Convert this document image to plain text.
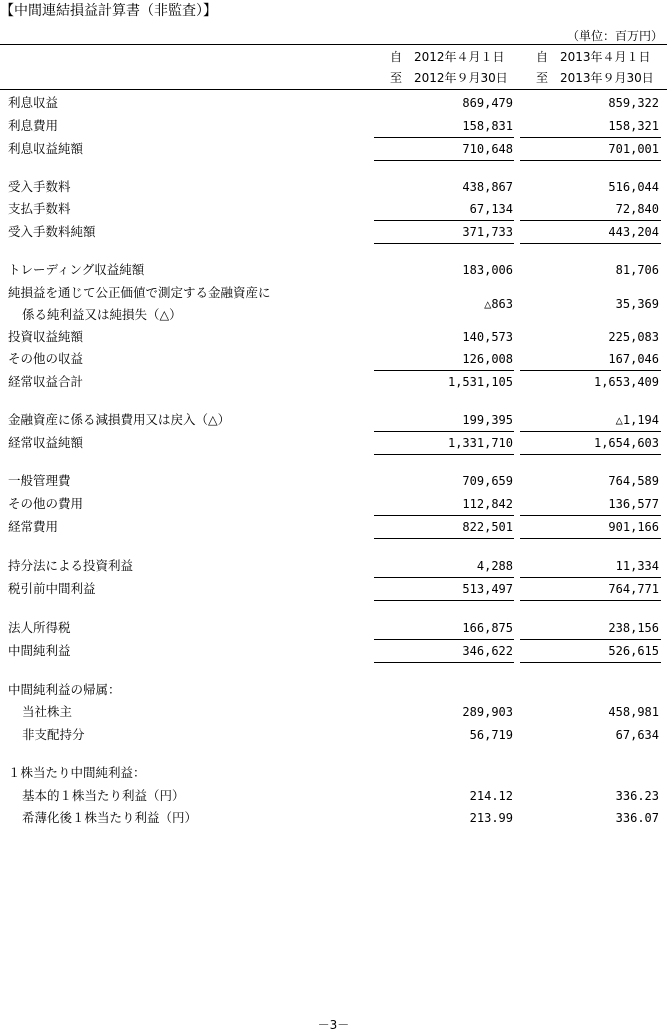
【中間連結損益計算書（非監査）】
（単位：百万円）
自　2012年４月１日
至　2012年９月30日
自　2013年４月１日
至　2013年９月30日
利息収益	869,479	859,322
利息費用	158,831	158,321
利息収益純額	710,648	701,001
受入手数料	438,867	516,044
支払手数料	67,134	72,840
受入手数料純額	371,733	443,204
トレーディング収益純額	183,006	81,706
純損益を通じて公正価値で測定する金融資産に
係る純利益又は純損失（△）
△863	35,369
投資収益純額	140,573	225,083
その他の収益	126,008	167,046
経常収益合計	1,531,105	1,653,409
金融資産に係る減損費用又は戻入（△）	199,395	△1,194
経常収益純額	1,331,710	1,654,603
一般管理費	709,659	764,589
その他の費用	112,842	136,577
経常費用	822,501	901,166
持分法による投資利益	4,288	11,334
税引前中間利益	513,497	764,771
法人所得税	166,875	238,156
中間純利益	346,622	526,615
中間純利益の帰属：
当社株主	289,903	458,981
非支配持分	56,719	67,634
１株当たり中間純利益：
基本的１株当たり利益（円）	214.12	336.23
希薄化後１株当たり利益（円）	213.99	336.07
－3－
